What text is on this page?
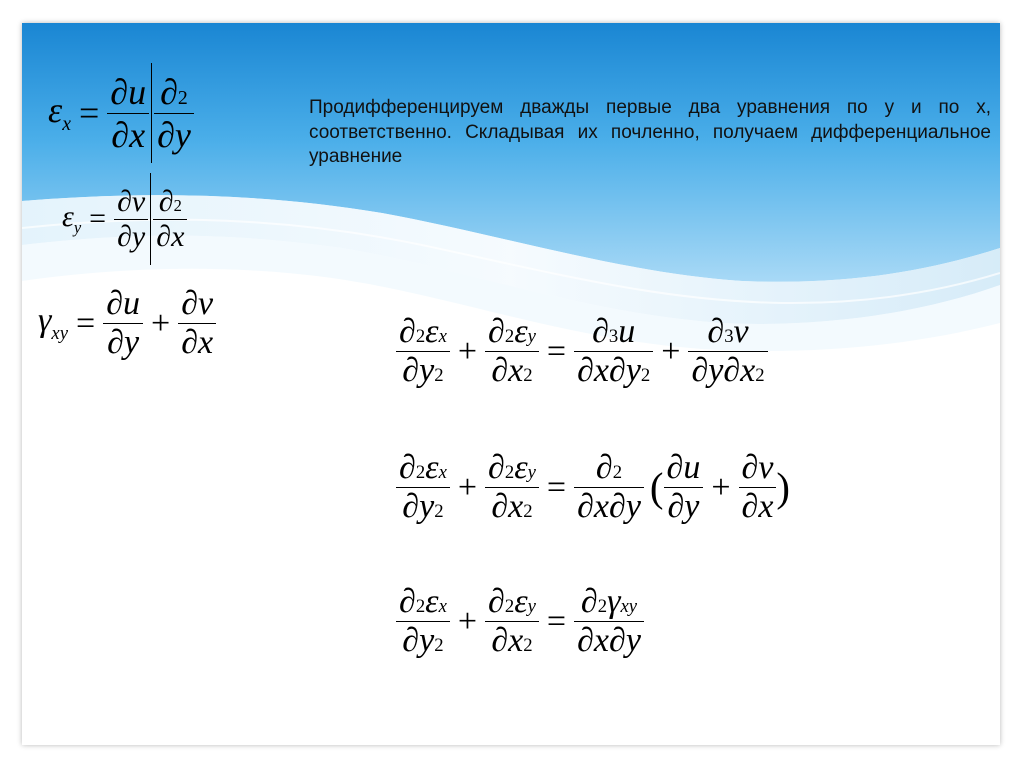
Продифференцируем дважды первые два уравнения по y и по x, соответственно. Складывая их почленно, получаем дифференциальное уравнение
$\varepsilon_x = \frac{\partial u}{\partial x} \frac{\partial 2}{\partial y}$
$\varepsilon_y = \frac{\partial v}{\partial y} \frac{\partial 2}{\partial x}$
$\gamma_{xy} = \frac{\partial u}{\partial y} + \frac{\partial v}{\partial x}$	$\frac{\text{∂ 2 ε x}}{\partial y 2} + \frac{\text{∂ 2 ε y}}{\partial x 2} = \frac{\partial 3 u}{\partial x \partial y 2} + \frac{\partial 3 v}{\partial y \partial x 2}$
$\frac{\text{∂ 2 ε x}}{\partial y 2} + \frac{\text{∂ 2 ε y}}{\partial x 2} = \frac{\partial 2}{\partial x \partial y}$ ( $\frac{\partial u}{\partial y} + \frac{\partial v}{\partial x}$ )
$\frac{\text{∂ 2 ε x}}{\partial y 2} + \frac{\text{∂ 2 ε y}}{\partial x 2} = \frac{\text{∂ 2 γ xy}}{\partial x \partial y}$
